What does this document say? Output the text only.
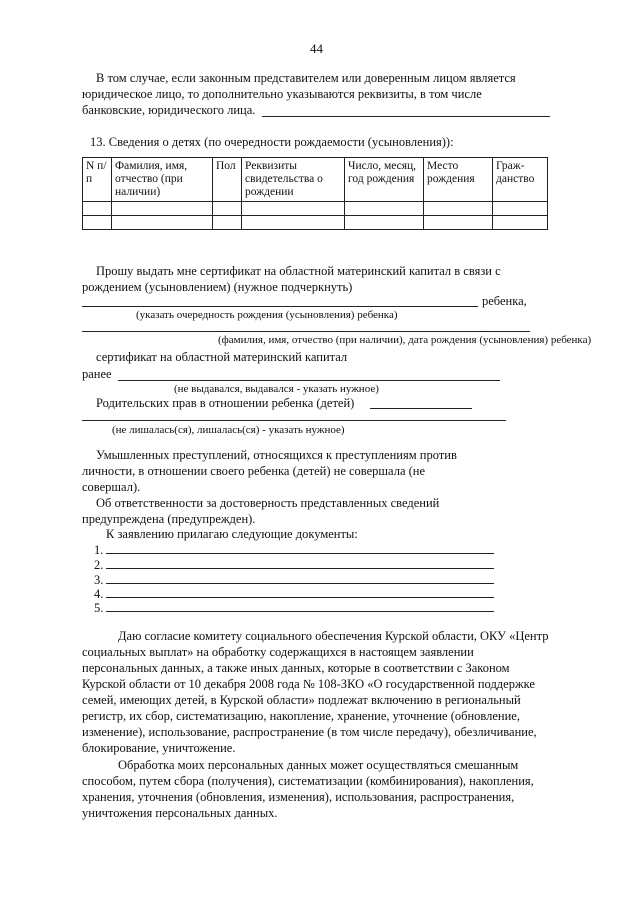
44
В том случае, если законным представителем или доверенным лицом является
юридическое лицо, то дополнительно указываются реквизиты, в том числе
банковские, юридического лица.
13. Сведения о детях (по очередности рождаемости (усыновления)):
N п/п	Фамилия, имя, отчество (при наличии)	Пол	Реквизиты свидетельства о рождении	Число, месяц, год рождения	Место рождения	Граж-данство

Прошу выдать мне сертификат на областной материнский капитал в связи с
рождением (усыновлением) (нужное подчеркнуть)
ребенка,
(указать очередность рождения (усыновления) ребенка)
(фамилия, имя, отчество (при наличии), дата рождения (усыновления) ребенка)
сертификат на областной материнский капитал
ранее
(не выдавался, выдавался - указать нужное)
Родительских прав в отношении ребенка (детей)
(не лишалась(ся), лишалась(ся) - указать нужное)
Умышленных преступлений, относящихся к преступлениям против
личности, в отношении своего ребенка (детей) не совершала (не
совершал).
Об ответственности за достоверность представленных сведений
предупреждена (предупрежден).
К заявлению прилагаю следующие документы:
1.
2.
3.
4.
5.
Даю согласие комитету социального обеспечения Курской области, ОКУ «Центр
социальных выплат» на обработку содержащихся в настоящем заявлении
персональных данных, а также иных данных, которые в соответствии с Законом
Курской области от 10 декабря 2008 года № 108-ЗКО «О государственной поддержке
семей, имеющих детей, в Курской области» подлежат включению в региональный
регистр, их сбор, систематизацию, накопление, хранение, уточнение (обновление,
изменение), использование, распространение (в том числе передачу), обезличивание,
блокирование, уничтожение.
Обработка моих персональных данных может осуществляться смешанным
способом, путем сбора (получения), систематизации (комбинирования), накопления,
хранения, уточнения (обновления, изменения), использования, распространения,
уничтожения персональных данных.
